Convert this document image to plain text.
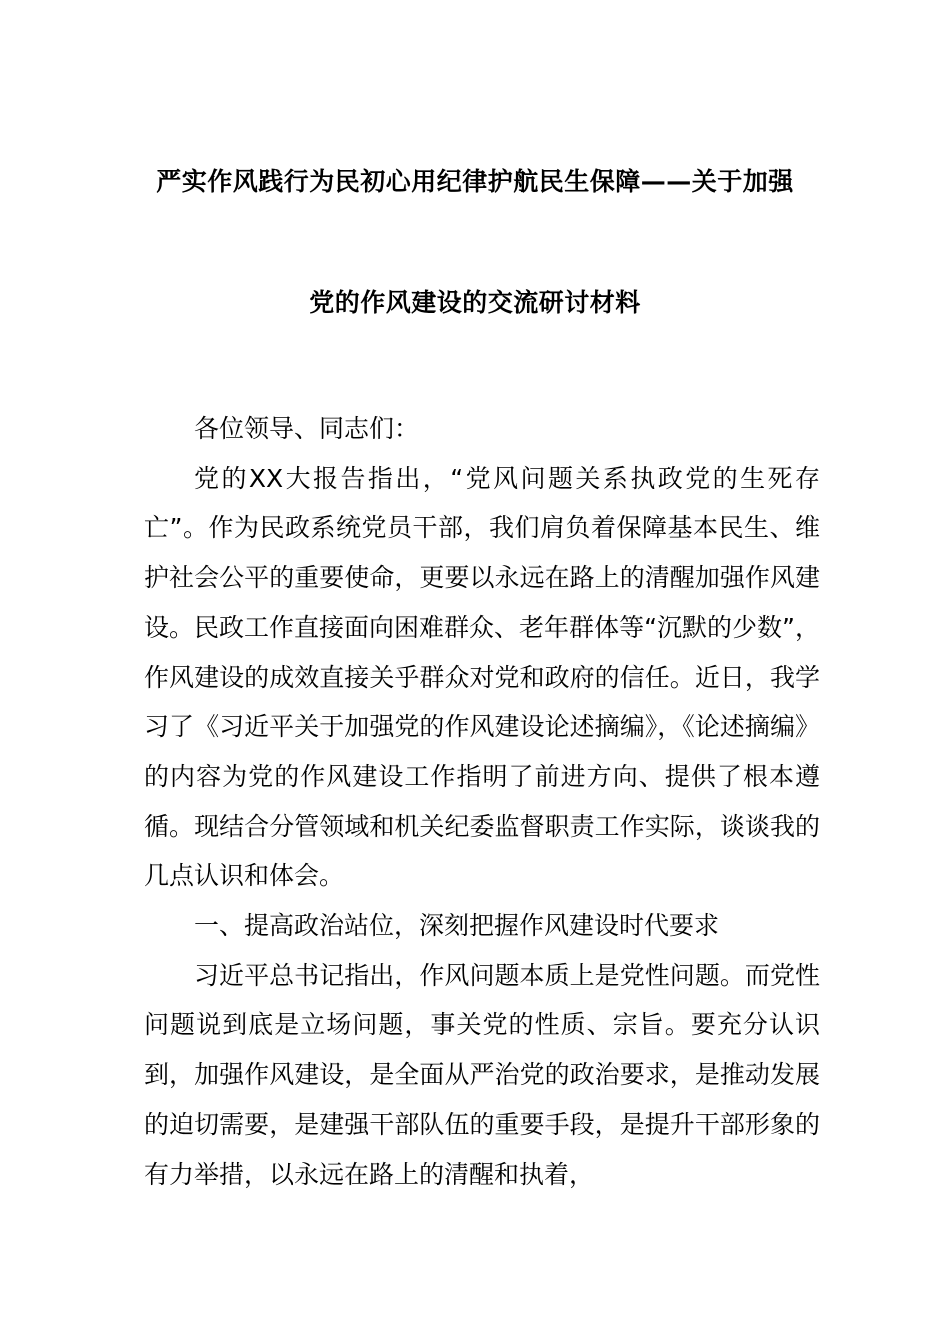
严实作风践行为民初心用纪律护航民生保障——关于加强
党的作风建设的交流研讨材料

各位领导、同志们：

党的XX大报告指出，“党风问题关系执政党的生死存亡”。作为民政系统党员干部，我们肩负着保障基本民生、维护社会公平的重要使命，更要以永远在路上的清醒加强作风建设。民政工作直接面向困难群众、老年群体等“沉默的少数”，作风建设的成效直接关乎群众对党和政府的信任。近日，我学习了《习近平关于加强党的作风建设论述摘编》，《论述摘编》的内容为党的作风建设工作指明了前进方向、提供了根本遵循。现结合分管领域和机关纪委监督职责工作实际，谈谈我的几点认识和体会。

一、提高政治站位，深刻把握作风建设时代要求

习近平总书记指出，作风问题本质上是党性问题。而党性问题说到底是立场问题，事关党的性质、宗旨。要充分认识到，加强作风建设，是全面从严治党的政治要求，是推动发展的迫切需要，是建强干部队伍的重要手段，是提升干部形象的有力举措，以永远在路上的清醒和执着，
